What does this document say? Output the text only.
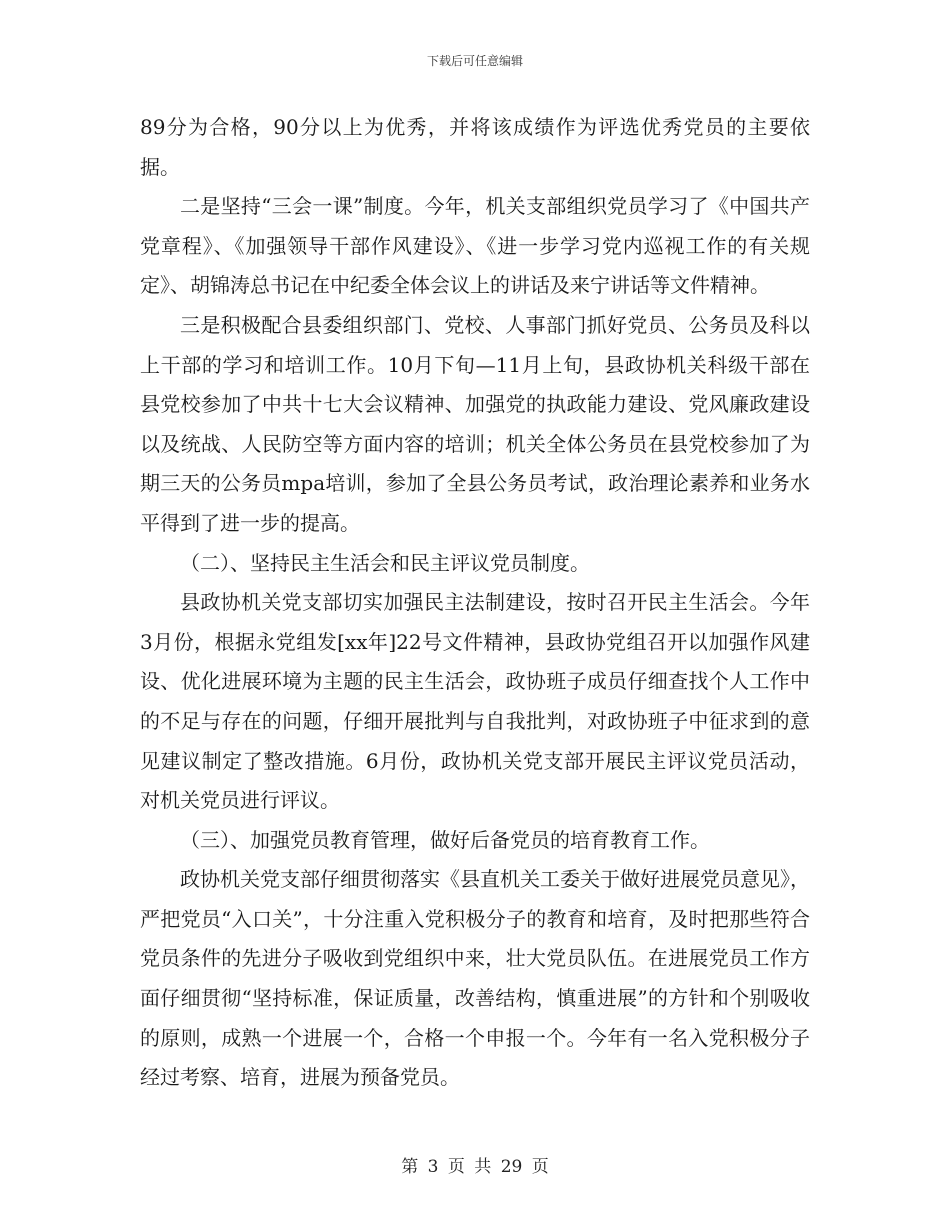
下载后可任意编辑

89分为合格，90分以上为优秀，并将该成绩作为评选优秀党员的主要依据。

二是坚持“三会一课”制度。今年，机关支部组织党员学习了《中国共产党章程》、《加强领导干部作风建设》、《进一步学习党内巡视工作的有关规定》、胡锦涛总书记在中纪委全体会议上的讲话及来宁讲话等文件精神。

三是积极配合县委组织部门、党校、人事部门抓好党员、公务员及科以上干部的学习和培训工作。10月下旬—11月上旬，县政协机关科级干部在县党校参加了中共十七大会议精神、加强党的执政能力建设、党风廉政建设以及统战、人民防空等方面内容的培训；机关全体公务员在县党校参加了为期三天的公务员mpa培训，参加了全县公务员考试，政治理论素养和业务水平得到了进一步的提高。

（二）、坚持民主生活会和民主评议党员制度。

县政协机关党支部切实加强民主法制建设，按时召开民主生活会。今年3月份，根据永党组发[xx年]22号文件精神，县政协党组召开以加强作风建设、优化进展环境为主题的民主生活会，政协班子成员仔细查找个人工作中的不足与存在的问题，仔细开展批判与自我批判，对政协班子中征求到的意见建议制定了整改措施。6月份，政协机关党支部开展民主评议党员活动，对机关党员进行评议。

（三）、加强党员教育管理，做好后备党员的培育教育工作。

政协机关党支部仔细贯彻落实《县直机关工委关于做好进展党员意见》，严把党员“入口关”，十分注重入党积极分子的教育和培育，及时把那些符合党员条件的先进分子吸收到党组织中来，壮大党员队伍。在进展党员工作方面仔细贯彻“坚持标准，保证质量，改善结构，慎重进展”的方针和个别吸收的原则，成熟一个进展一个，合格一个申报一个。今年有一名入党积极分子经过考察、培育，进展为预备党员。

第 3 页 共 29 页
